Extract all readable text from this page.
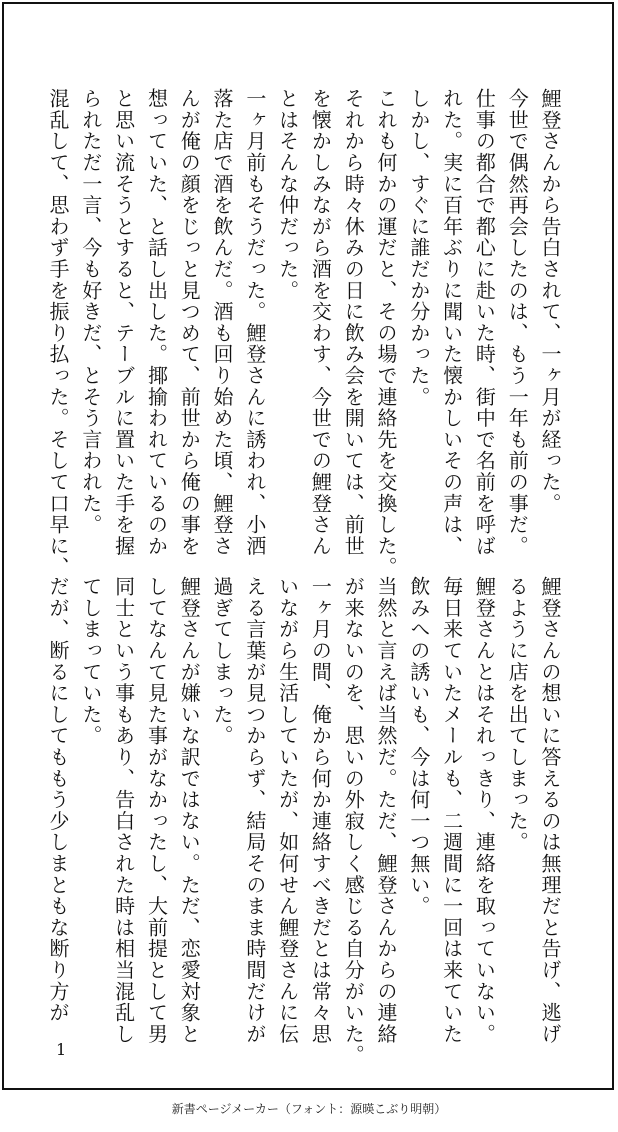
鯉登さんから告白されて、一ヶ月が経った。
今世で偶然再会したのは、もう一年も前の事だ。
仕事の都合で都心に赴いた時、街中で名前を呼ば
れた。実に百年ぶりに聞いた懐かしいその声は、
しかし、すぐに誰だか分かった。
これも何かの運だと、その場で連絡先を交換した。
それから時々休みの日に飲み会を開いては、前世
を懐かしみながら酒を交わす、今世での鯉登さん
とはそんな仲だった。
一ヶ月前もそうだった。鯉登さんに誘われ、小洒
落た店で酒を飲んだ。酒も回り始めた頃、鯉登さ
んが俺の顔をじっと見つめて、前世から俺の事を
想っていた、と話し出した。揶揄われているのか
と思い流そうとすると、テーブルに置いた手を握
られただ一言、今も好きだ、とそう言われた。
混乱して、思わず手を振り払った。そして口早に、
鯉登さんの想いに答えるのは無理だと告げ、逃げ
るように店を出てしまった。
鯉登さんとはそれっきり、連絡を取っていない。
毎日来ていたメールも、二週間に一回は来ていた
飲みへの誘いも、今は何一つ無い。
当然と言えば当然だ。ただ、鯉登さんからの連絡
が来ないのを、思いの外寂しく感じる自分がいた。
一ヶ月の間、俺から何か連絡すべきだとは常々思
いながら生活していたが、如何せん鯉登さんに伝
える言葉が見つからず、結局そのまま時間だけが
過ぎてしまった。
鯉登さんが嫌いな訳ではない。ただ、恋愛対象と
してなんて見た事がなかったし、大前提として男
同士という事もあり、告白された時は相当混乱し
てしまっていた。
だが、断るにしてももう少しまともな断り方が
1
新書ページメーカー（フォント：源暎こぶり明朝）
